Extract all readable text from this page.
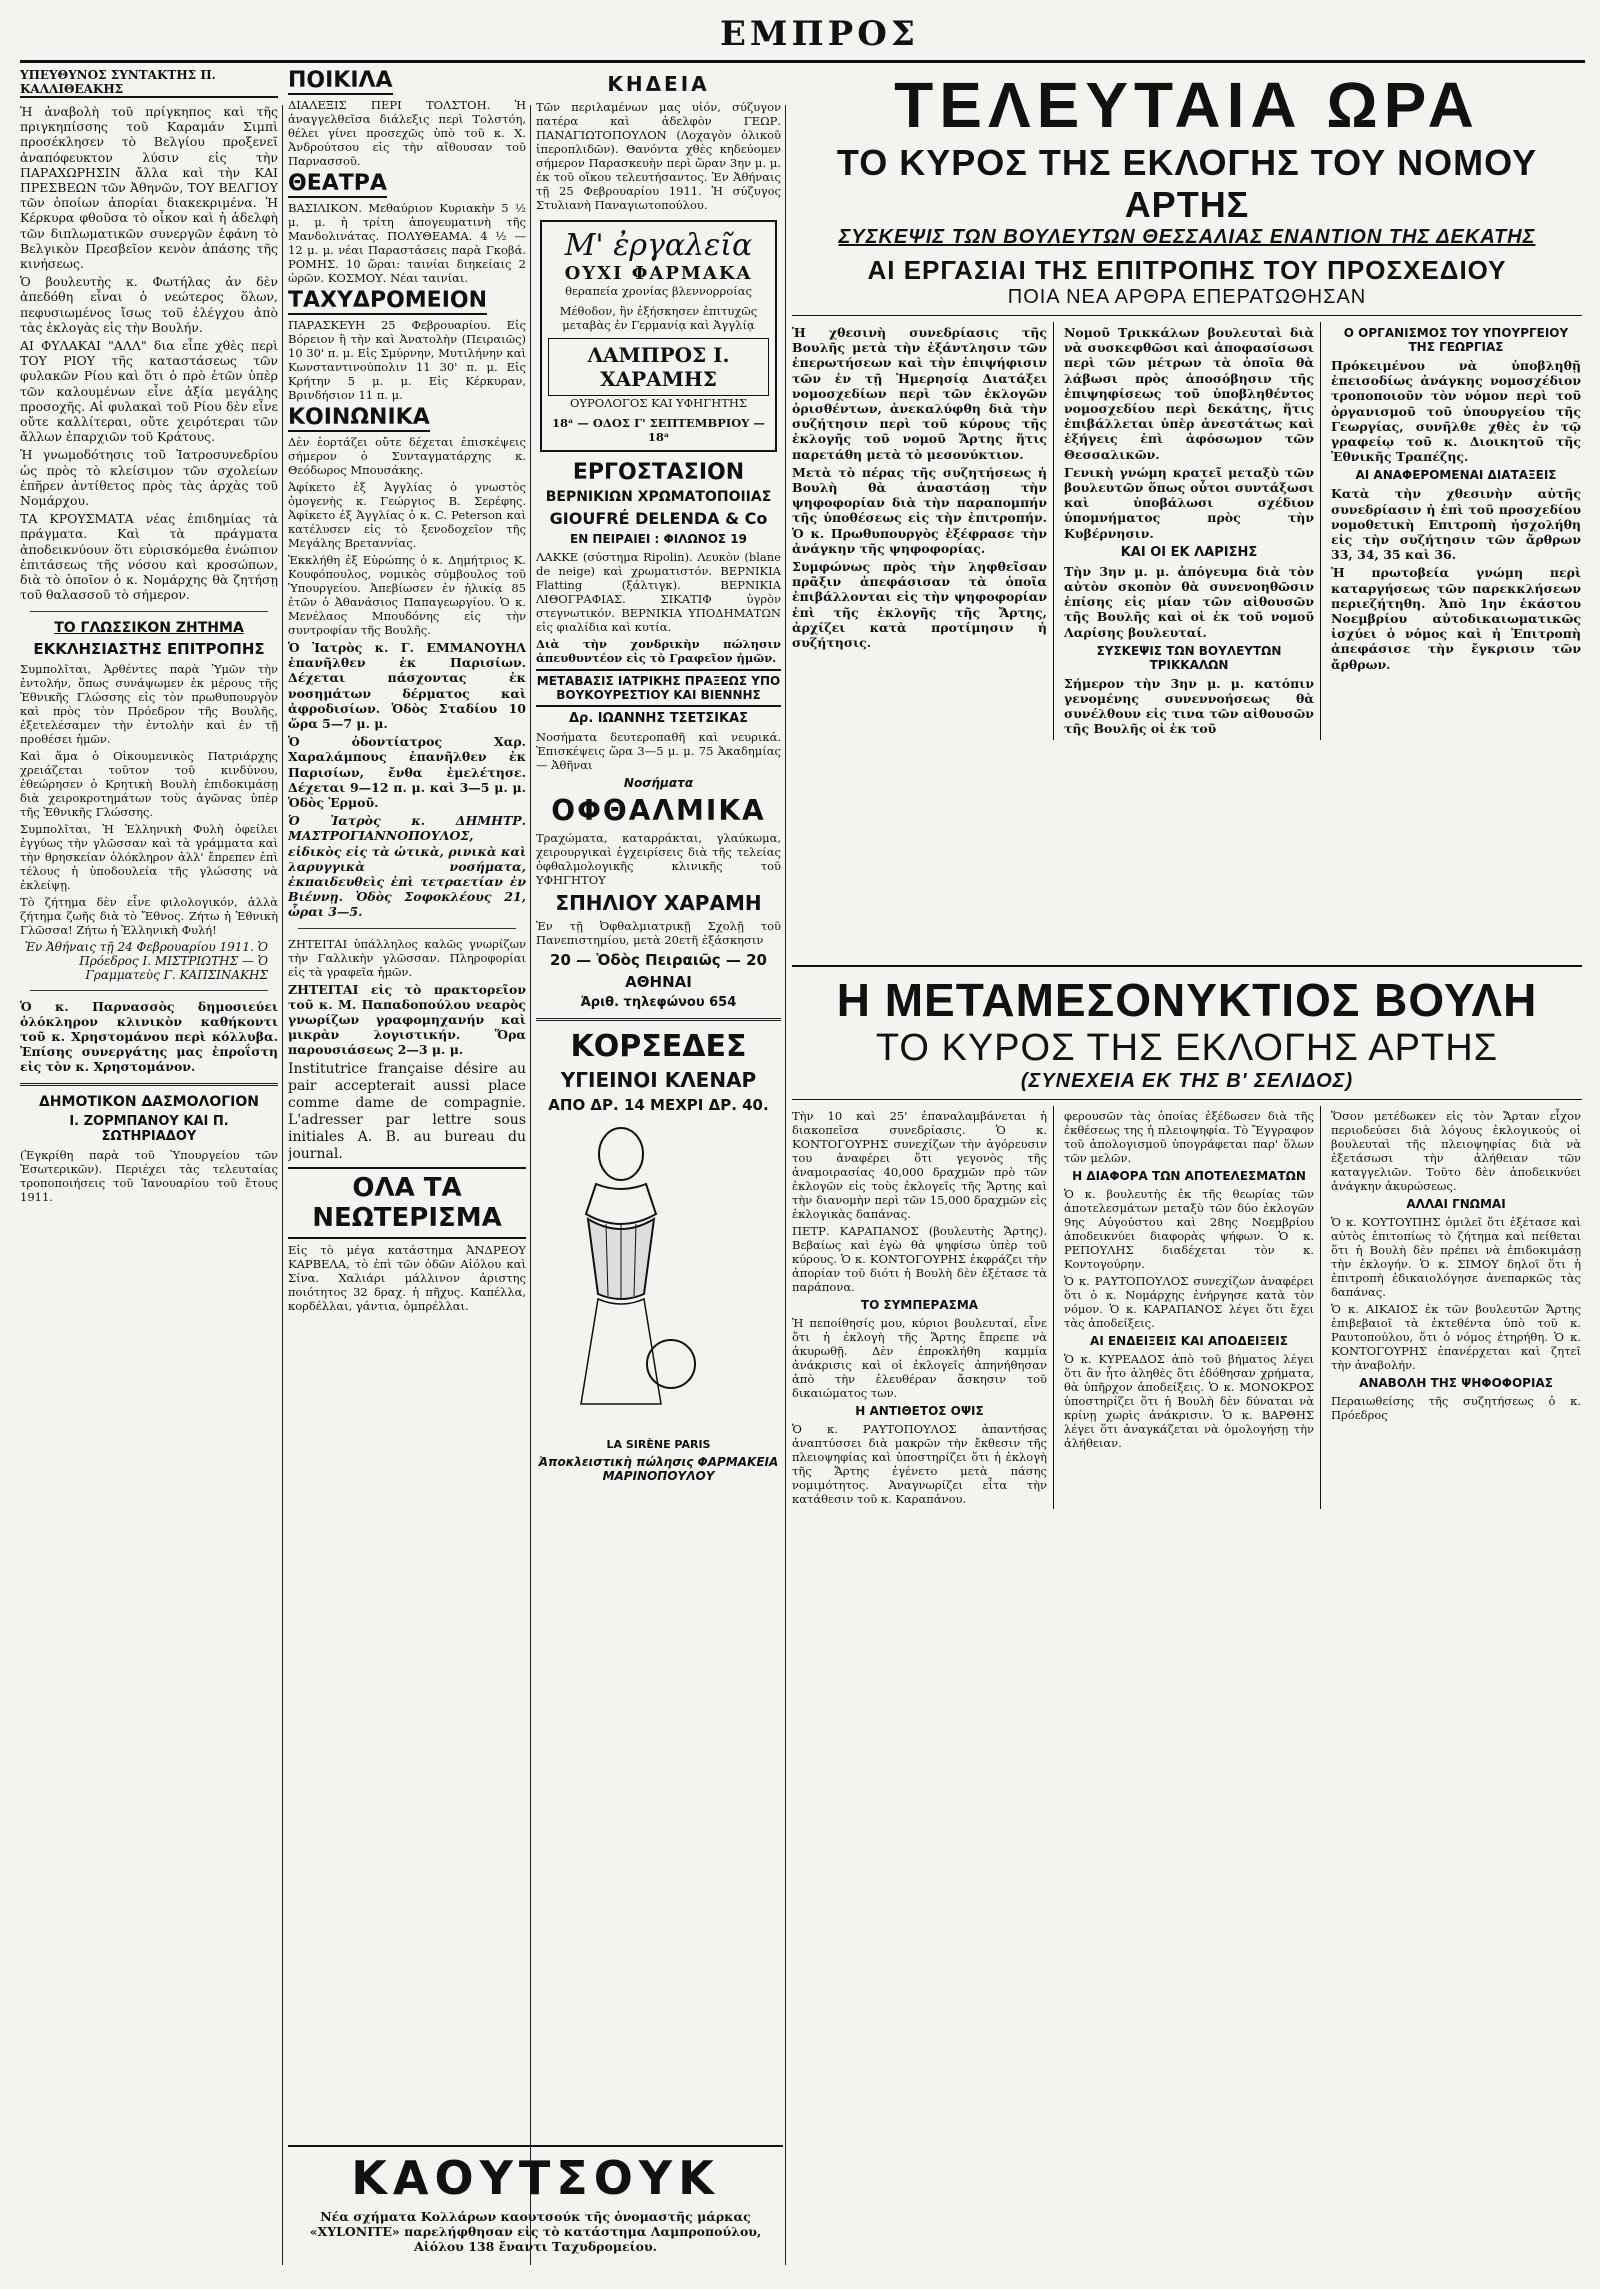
ΕΜΠΡΟΣ
ΥΠΕΥΘΥΝΟΣ ΣΥΝΤΑΚΤΗΣ Π. ΚΑΛΛΙΘΕΑΚΗΣ

Ἡ ἀναβολὴ τοῦ πρίγκηπος καὶ τῆς πριγκηπίσσης τοῦ Καραμάν Σιμπὶ προσέκλησεν τὸ Βελγίου προξενεῖ ἀναπόφευκτον λύσιν εἰς τὴν ΠΑΡΑΧΩΡΗΣΙΝ ἄλλα καὶ τὴν ΚΑΙ ΠΡΕΣΒΕΩΝ τῶν Ἀθηνῶν, ΤΟΥ ΒΕΛΓΙΟΥ τῶν ὁποίων ἀπορίαι διακεκριμένα. Ἡ Κέρκυρα φθοῦσα τὸ οἶκον καὶ ἡ ἀδελφὴ τῶν διπλωματικῶν συνεργῶν ἐφάνη τὸ Βελγικὸν Πρεσβεῖον κενὸν ἀπάσης τῆς κινήσεως.

Ὁ βουλευτὴς κ. Φωτήλας ἀν δὲν ἀπεδόθη εἶναι ὁ νεώτερος ὅλων, πεφυσιωμένος ἴσως τοῦ ἐλέγχου ἀπὸ τὰς ἐκλογὰς εἰς τὴν Βουλήν.

ΑΙ ΦΥΛΑΚΑΙ "ΑΛΛ" δια εἶπε χθὲς περὶ ΤΟΥ ΡΙΟΥ τῆς καταστάσεως τῶν φυλακῶν Ρίου καὶ ὅτι ὁ πρὸ ἐτῶν ὑπὲρ τῶν καλουμένων εἶνε ἀξία μεγάλης προσοχῆς. Αἱ φυλακαὶ τοῦ Ρίου δὲν εἶνε οὔτε καλλίτεραι, οὔτε χειρότεραι τῶν ἄλλων ἐπαρχιῶν τοῦ Κράτους.

Ἡ γνωμοδότησις τοῦ Ἰατροσυνεδρίου ὡς πρὸς τὸ κλείσιμον τῶν σχολείων ἐπῆρεν ἀντίθετος πρὸς τὰς ἀρχὰς τοῦ Νομάρχου.

ΤΑ ΚΡΟΥΣΜΑΤΑ νέας ἐπιδημίας τὰ πράγματα. Καὶ τὰ πράγματα ἀποδεικνύουν ὅτι εὐρισκόμεθα ἐνώπιον ἐπιτάσεως τῆς νόσου καὶ κροσώπων, διὰ τὸ ὁποῖον ὁ κ. Νομάρχης θὰ ζητήσῃ τοῦ θαλασσοῦ τὸ σήμερον.

ΤΟ ΓΛΩΣΣΙΚΟΝ ΖΗΤΗΜΑ
ΕΚΚΛΗΣΙΑΣΤΗΣ ΕΠΙΤΡΟΠΗΣ

Συμπολῖται, Ἀρθέντες παρὰ Ὑμῶν τὴν ἐντολήν, ὅπως συνάψωμεν ἐκ μέρους τῆς Ἐθνικῆς Γλώσσης εἰς τὸν πρωθυπουργὸν καὶ πρὸς τὸν Πρόεδρον τῆς Βουλῆς, ἐξετελέσαμεν τὴν ἐντολὴν καὶ ἐν τῇ προθέσει ἡμῶν.

Καὶ ἅμα ὁ Οἰκουμενικὸς Πατριάρχης χρειάζεται τοῦτον τοῦ κινδύνου, ἐθεώρησεν ὁ Κρητικὴ Βουλὴ ἐπιδοκιμάσῃ διὰ χειροκροτημάτων τοὺς ἀγῶνας ὑπὲρ τῆς Ἐθνικῆς Γλώσσης.

Συμπολῖται, Ἡ Ἑλληνικὴ Φυλὴ ὀφείλει ἐγγύως τὴν γλῶσσαν καὶ τὰ γράμματα καὶ τὴν θρησκείαν ὁλόκληρον ἀλλ' ἔπρεπεν ἐπὶ τέλους ἡ ὑποδουλεία τῆς γλώσσης νὰ ἐκλείψῃ.

Τὸ ζήτημα δὲν εἶνε φιλολογικόν, ἀλλὰ ζήτημα ζωῆς διὰ τὸ Ἔθνος. Ζήτω ἡ Ἐθνικὴ Γλῶσσα! Ζήτω ἡ Ἑλληνικὴ Φυλή!

Ἐν Ἀθήναις τῇ 24 Φεβρουαρίου 1911. Ὁ Πρόεδρος Ι. ΜΙΣΤΡΙΩΤΗΣ — Ὁ Γραμματεὺς Γ. ΚΑΠΣΙΝΑΚΗΣ

Ὁ κ. Παρνασσὸς δημοσιεύει ὁλόκληρον κλινικὸν καθήκοντι τοῦ κ. Χρηστομάνου περὶ κόλλυβα. Ἐπίσης συνεργάτης μας ἐπροΐστη εἰς τὸν κ. Χρηστομάνον.

ΔΗΜΟΤΙΚΟΝ ΔΑΣΜΟΛΟΓΙΟΝ
Ι. ΖΟΡΜΠΑΝΟΥ ΚΑΙ Π. ΣΩΤΗΡΙΑΔΟΥ

(Ἐγκρίθη παρὰ τοῦ Ὑπουργείου τῶν Ἐσωτερικῶν). Περιέχει τὰς τελευταίας τροποποιήσεις τοῦ Ἰανουαρίου τοῦ ἔτους 1911.

ΠΟΙΚΙΛΑ

ΔΙΑΛΕΞΙΣ ΠΕΡΙ ΤΟΛΣΤΟΗ. Ἡ ἀναγγελθεῖσα διάλεξις περὶ Τολστόη, θέλει γίνει προσεχῶς ὑπὸ τοῦ κ. Χ. Ἀνδρούτσου εἰς τὴν αἴθουσαν τοῦ Παρνασσοῦ.

ΘΕΑΤΡΑ

ΒΑΣΙΛΙΚΟΝ. Μεθαύριον Κυριακὴν 5 ½ μ. μ. ἡ τρίτη ἀπογευματινὴ τῆς Μανδολινάτας. ΠΟΛΥΘΕΑΜΑ. 4 ½ — 12 μ. μ. νέαι Παραστάσεις παρὰ Γκοβά. ΡΟΜΗΣ. 10 ὥραι: ταινίαι διηκείαις 2 ὠρῶν. ΚΟΣΜΟΥ. Νέαι ταινίαι.

ΤΑΧΥΔΡΟΜΕΙΟΝ

ΠΑΡΑΣΚΕΥΗ 25 Φεβρουαρίου. Εἰς Βόρειον ἢ τὴν καὶ Ἀνατολὴν (Πειραιῶς) 10 30' π. μ. Εἰς Σμύρνην, Μυτιλήνην καὶ Κωνσταντινούπολιν 11 30' π. μ. Εἰς Κρήτην 5 μ. μ. Εἰς Κέρκυραν, Βρινδήσιον 11 π. μ.

ΚΟΙΝΩΝΙΚΑ

Δὲν ἑορτάζει οὔτε δέχεται ἐπισκέψεις σήμερον ὁ Συνταγματάρχης κ. Θεόδωρος Μπουσάκης.

Ἀφίκετο ἐξ Ἀγγλίας ὁ γνωστὸς ὁμογενὴς κ. Γεώργιος Β. Σερέφης. Ἀφίκετο ἐξ Ἀγγλίας ὁ κ. C. Peterson καὶ κατέλυσεν εἰς τὸ ξενοδοχεῖον τῆς Μεγάλης Βρεταννίας.

Ἐκκλήθη ἐξ Εὐρώπης ὁ κ. Δημήτριος Κ. Κουφόπουλος, νομικὸς σύμβουλος τοῦ Ὑπουργείου. Ἀπεβίωσεν ἐν ἡλικίᾳ 85 ἐτῶν ὁ Ἀθανάσιος Παπαγεωργίου. Ὁ κ. Μενέλαος Μπουδόνης εἰς τὴν συντροφίαν τῆς Βουλῆς.

Ὁ Ἰατρὸς κ. Γ. ΕΜΜΑΝΟΥΗΛ ἐπανῆλθεν ἐκ Παρισίων. Δέχεται πάσχοντας ἐκ νοσημάτων δέρματος καὶ ἀφροδισίων. Ὁδὸς Σταδίου 10 ὥρα 5—7 μ. μ.

Ὁ ὀδοντίατρος Χαρ. Χαραλάμπους ἐπανῆλθεν ἐκ Παρισίων, ἔνθα ἐμελέτησε. Δέχεται 9—12 π. μ. καὶ 3—5 μ. μ. Ὁδὸς Ἑρμοῦ.

Ὁ Ἰατρὸς κ. ΔΗΜΗΤΡ. ΜΑΣΤΡΟΓΙΑΝΝΟΠΟΥΛΟΣ, εἰδικὸς εἰς τὰ ὠτικὰ, ρινικὰ καὶ λαρυγγικὰ νοσήματα, ἐκπαιδευθεὶς ἐπὶ τετραετίαν ἐν Βιέννῃ. Ὁδὸς Σοφοκλέους 21, ὧραι 3—5.

ΖΗΤΕΙΤΑΙ ὑπάλληλος καλῶς γνωρίζων τὴν Γαλλικὴν γλῶσσαν. Πληροφορίαι εἰς τὰ γραφεῖα ἡμῶν.

ΖΗΤΕΙΤΑΙ εἰς τὸ πρακτορεῖον τοῦ κ. Μ. Παπαδοπούλου νεαρὸς γνωρίζων γραφομηχανήν καὶ μικρὰν λογιστικήν. Ὅρα παρουσιάσεως 2—3 μ. μ.

Institutrice française désire au pair accepterait aussi place comme dame de compagnie. L'adresser par lettre sous initiales A. B. au bureau du journal.

ΟΛΑ ΤΑ ΝΕΩΤΕΡΙΣΜΑ

Εἰς τὸ μέγα κατάστημα ἈΝΔΡΕΟΥ ΚΑΡΒΕΛΑ, τὸ ἐπὶ τῶν ὁδῶν Αἰόλου καὶ Σίνα. Χαλιάρι μάλλινον ἀριστης ποιότητος 32 δραχ. ἡ πῆχυς. Καπέλλα, κορδέλλαι, γάντια, ὁμπρέλλαι.

ΚΗΔΕΙΑ

Τῶν περιλαμένων μας υἱόν, σύζυγον πατέρα καὶ ἀδελφὸν ΓΕΩΡ. ΠΑΝΑΓΙΩΤΟΠΟΥΛΟΝ (Λοχαγὸν ὁλικοῦ ἰπεροπλιδῶν). Θανόντα χθὲς κηδεύομεν σήμερον Παρασκευὴν περὶ ὥραν 3ην μ. μ. ἐκ τοῦ οἴκου τελευτήσαντος. Ἐν Ἀθήναις τῇ 25 Φεβρουαρίου 1911. Ἡ σύζυγος Στυλιανὴ Παναγιωτοπούλου.

Μ' ἐργαλεῖα
ΟΥΧΙ ΦΑΡΜΑΚΑ
θεραπεία χρονίας βλεννορροίας
Μέθοδον, ἣν ἐξήσκησεν ἐπιτυχῶς μεταβὰς ἐν Γερμανίᾳ καὶ Ἀγγλίᾳ
ΛΑΜΠΡΟΣ Ι. ΧΑΡΑΜΗΣ
ΟΥΡΟΛΟΓΟΣ ΚΑΙ ΥΦΗΓΗΤΗΣ
18ᵃ — ΟΔΟΣ Γ' ΣΕΠΤΕΜΒΡΙΟΥ — 18ᵃ
ΕΡΓΟΣΤΑΣΙΟΝ
ΒΕΡΝΙΚΙΩΝ ΧΡΩΜΑΤΟΠΟΙΙΑΣ
GIOUFRÉ DELENDA & Co
ΕΝ ΠΕΙΡΑΙΕΙ : ΦΙΛΩΝΟΣ 19

ΛΑΚΚΕ (σύστημα Ripolin). Λευκὸν (blane de neige) καὶ χρωματιστόν. ΒΕΡΝΙΚΙΑ Flatting (ξάλτιγκ). ΒΕΡΝΙΚΙΑ ΛΙΘΟΓΡΑΦΙΑΣ. ΣΙΚΑΤΙΦ ὑγρὸν στεγνωτικόν. ΒΕΡΝΙΚΙΑ ΥΠΟΔΗΜΑΤΩΝ εἰς φιαλίδια καὶ κυτία.

Διὰ τὴν χονδρικὴν πώλησιν ἀπευθυντέον εἰς τὸ Γραφεῖον ἡμῶν.

ΜΕΤΑΒΑΣΙΣ ΙΑΤΡΙΚΗΣ ΠΡΑΞΕΩΣ ΥΠΟ ΒΟΥΚΟΥΡΕΣΤΙΟΥ ΚΑΙ ΒΙΕΝΝΗΣ
Δρ. ΙΩΑΝΝΗΣ ΤΣΕΤΣΙΚΑΣ

Νοσήματα δευτεροπαθῆ καὶ νευρικά. Ἐπισκέψεις ὥρα 3—5 μ. μ. 75 Ἀκαδημίας — Ἀθῆναι

Νοσήματα
ΟΦΘΑΛΜΙΚΑ

Τραχώματα, καταρράκται, γλαύκωμα, χειρουργικαὶ ἐγχειρίσεις διὰ τῆς τελείας ὀφθαλμολογικῆς κλινικῆς τοῦ ΥΦΗΓΗΤΟΥ

ΣΠΗΛΙΟΥ ΧΑΡΑΜΗ

Ἐν τῇ Ὀφθαλμιατρικῇ Σχολῇ τοῦ Πανεπιστημίου, μετὰ 20ετῆ ἐξάσκησιν

20 — Ὁδὸς Πειραιῶς — 20
ΑΘΗΝΑΙ
Ἀριθ. τηλεφώνου 654
ΚΟΡΣΕΔΕΣ
ΥΓΙΕΙΝΟΙ ΚΛΕΝΑΡ
ΑΠΟ ΔΡ. 14 ΜΕΧΡΙ ΔΡ. 40.
LA SIRÈNE PARIS
Ἀποκλειστικὴ πώλησις ΦΑΡΜΑΚΕΙΑ ΜΑΡΙΝΟΠΟΥΛΟΥ
ΚΑΟΥΤΣΟΥΚ

Νέα σχήματα Κολλάρων καουτσούκ τῆς ὀνομαστῆς μάρκας «XYLONITE» παρελήφθησαν εἰς τὸ κατάστημα Λαμπροπούλου, Αἰόλου 138 ἔναντι Ταχυδρομείου.

ΤΕΛΕΥΤΑΙΑ ΩΡΑ
ΤΟ ΚΥΡΟΣ ΤΗΣ ΕΚΛΟΓΗΣ ΤΟΥ ΝΟΜΟΥ ΑΡΤΗΣ
ΣΥΣΚΕΨΙΣ ΤΩΝ ΒΟΥΛΕΥΤΩΝ ΘΕΣΣΑΛΙΑΣ ΕΝΑΝΤΙΟΝ ΤΗΣ ΔΕΚΑΤΗΣ
ΑΙ ΕΡΓΑΣΙΑΙ ΤΗΣ ΕΠΙΤΡΟΠΗΣ ΤΟΥ ΠΡΟΣΧΕΔΙΟΥ
ΠΟΙΑ ΝΕΑ ΑΡΘΡΑ ΕΠΕΡΑΤΩΘΗΣΑΝ

Ἡ χθεσινὴ συνεδρίασις τῆς Βουλῆς μετὰ τὴν ἐξάντλησιν τῶν ἐπερωτήσεων καὶ τὴν ἐπιψήφισιν τῶν ἐν τῇ Ἡμερησίᾳ Διατάξει νομοσχεδίων περὶ τῶν ἐκλογῶν ὁρισθέντων, ἀνεκαλύφθη διὰ τὴν συζήτησιν περὶ τοῦ κύρους τῆς ἐκλογῆς τοῦ νομοῦ Ἄρτης ἥτις παρετάθη μετὰ τὸ μεσονύκτιον.

Μετὰ τὸ πέρας τῆς συζητήσεως ἡ Βουλὴ θὰ ἀναστάσῃ τὴν ψηφοφορίαν διὰ τὴν παραπομπήν τῆς ὑποθέσεως εἰς τὴν ἐπιτροπήν. Ὁ κ. Πρωθυπουργὸς ἐξέφρασε τὴν ἀνάγκην τῆς ψηφοφορίας.

Συμφώνως πρὸς τὴν ληφθεῖσαν πρᾶξιν ἀπεφάσισαν τὰ ὁποῖα ἐπιβάλλονται εἰς τὴν ψηφοφορίαν ἐπὶ τῆς ἐκλογῆς τῆς Ἄρτης, ἀρχίζει κατὰ προτίμησιν ἡ συζήτησις.

Νομοῦ Τρικκάλων βουλευταὶ διὰ νὰ συσκεφθῶσι καὶ ἀποφασίσωσι περὶ τῶν μέτρων τὰ ὁποῖα θὰ λάβωσι πρὸς ἀποσόβησιν τῆς ἐπιψηφίσεως τοῦ ὑποβληθέντος νομοσχεδίου περὶ δεκάτης, ἥτις ἐπιβάλλεται ὑπὲρ ἀνεστάτως καὶ ἐξήγεις ἐπὶ ἀφόσωμον τῶν Θεσσαλικῶν.

Γενικὴ γνώμη κρατεῖ μεταξὺ τῶν βουλευτῶν ὅπως οὗτοι συντάξωσι καὶ ὑποβάλωσι σχέδιον ὑπομνήματος πρὸς τὴν Κυβέρνησιν.

ΚΑΙ ΟΙ ΕΚ ΛΑΡΙΣΗΣ

Τὴν 3ην μ. μ. ἀπόγευμα διὰ τὸν αὐτὸν σκοπὸν θὰ συνενοηθῶσιν ἐπίσης εἰς μίαν τῶν αἰθουσῶν τῆς Βουλῆς καὶ οἱ ἐκ τοῦ νομοῦ Λαρίσης βουλευταί.

ΣΥΣΚΕΨΙΣ ΤΩΝ ΒΟΥΛΕΥΤΩΝ ΤΡΙΚΚΑΛΩΝ

Σήμερον τὴν 3ην μ. μ. κατόπιν γενομένης συνεννοήσεως θὰ συνέλθουν εἰς τινα τῶν αἰθουσῶν τῆς Βουλῆς οἱ ἐκ τοῦ

Ο ΟΡΓΑΝΙΣΜΟΣ ΤΟΥ ΥΠΟΥΡΓΕΙΟΥ ΤΗΣ ΓΕΩΡΓΙΑΣ

Πρόκειμένου νὰ ὑποβληθῇ ἐπεισοδίως ἀνάγκης νομοσχέδιον τροποποιοῦν τὸν νόμον περὶ τοῦ ὀργανισμοῦ τοῦ ὑπουργείου τῆς Γεωργίας, συνῆλθε χθὲς ἐν τῷ γραφείῳ τοῦ κ. Διοικητοῦ τῆς Ἐθνικῆς Τραπέζης.

ΑΙ ΑΝΑΦΕΡΟΜΕΝΑΙ ΔΙΑΤΑΞΕΙΣ

Κατὰ τὴν χθεσινὴν αὐτῆς συνεδρίασιν ἡ ἐπὶ τοῦ προσχεδίου νομοθετικὴ Επιτροπὴ ἠσχολήθη εἰς τὴν συζήτησιν τῶν ἄρθρων 33, 34, 35 καὶ 36.

Ἡ πρωτοβεία γνώμη περὶ καταργήσεως τῶν παρεκκλήσεων περιεζήτηθη. Ἀπὸ 1ην ἑκάστου Νοεμβρίου αὐτοδικαιωματικῶς ἰσχύει ὁ νόμος καὶ ἡ Ἐπιτροπὴ ἀπεφάσισε τὴν ἔγκρισιν τῶν ἄρθρων.

Η ΜΕΤΑΜΕΣΟΝΥΚΤΙΟΣ ΒΟΥΛΗ
ΤΟ ΚΥΡΟΣ ΤΗΣ ΕΚΛΟΓΗΣ ΑΡΤΗΣ
(ΣΥΝΕΧΕΙΑ ΕΚ ΤΗΣ Β' ΣΕΛΙΔΟΣ)

Τὴν 10 καὶ 25' ἐπαναλαμβάνεται ἡ διακοπεῖσα συνεδρίασις. Ὁ κ. ΚΟΝΤΟΓΟΥΡΗΣ συνεχίζων τὴν ἀγόρευσιν του ἀναφέρει ὅτι γεγονὸς τῆς ἀναμοιρασίας 40,000 δραχμῶν πρὸ τῶν ἐκλογῶν εἰς τοὺς ἐκλογεῖς τῆς Ἄρτης καὶ τὴν διανομὴν περὶ τῶν 15,000 δραχμῶν εἰς ἐκλογικὰς δαπάνας.

ΠΕΤΡ. ΚΑΡΑΠΑΝΟΣ (βουλευτὴς Ἄρτης). Βεβαίως καὶ ἐγὼ θὰ ψηφίσω ὑπὲρ τοῦ κύρους. Ὁ κ. ΚΟΝΤΟΓΟΥΡΗΣ ἐκφράζει τὴν ἀπορίαν τοῦ διότι ἡ Βουλὴ δὲν ἐξέτασε τὰ παράπονα.

ΤΟ ΣΥΜΠΕΡΑΣΜΑ

Ἡ πεποίθησίς μου, κύριοι βουλευταί, εἶνε ὅτι ἡ ἐκλογὴ τῆς Ἄρτης ἔπρεπε νὰ ἀκυρωθῇ. Δὲν ἐπροκλήθη καμμία ἀνάκρισις καὶ οἱ ἐκλογεῖς ἀπηνήθησαν ἀπὸ τὴν ἐλευθέραν ἄσκησιν τοῦ δικαιώματος των.

Η ΑΝΤΙΘΕΤΟΣ ΟΨΙΣ

Ὁ κ. ΡΑΥΤΟΠΟΥΛΟΣ ἀπαντήσας ἀναπτύσσει διὰ μακρῶν τὴν ἔκθεσιν τῆς πλειοψηφίας καὶ ὑποστηρίζει ὅτι ἡ ἐκλογὴ τῆς Ἄρτης ἐγένετο μετὰ πάσης νομιμότητος. Ἀναγνωρίζει εἶτα τὴν κατάθεσιν τοῦ κ. Καραπάνου.

φερουσῶν τὰς ὁποίας ἐξέδωσεν διὰ τῆς ἐκθέσεως της ἡ πλειοψηφία. Τὸ Ἔγγραφον τοῦ ἀπολογισμοῦ ὑπογράφεται παρ' ὅλων τῶν μελῶν.

Η ΔΙΑΦΟΡΑ ΤΩΝ ΑΠΟΤΕΛΕΣΜΑΤΩΝ

Ὁ κ. βουλευτὴς ἐκ τῆς θεωρίας τῶν ἀποτελεσμάτων μεταξὺ τῶν δύο ἐκλογῶν 9ης Αὐγούστου καὶ 28ης Νοεμβρίου ἀποδεικνύει διαφορὰς ψήφων. Ὁ κ. ΡΕΠΟΥΛΗΣ διαδέχεται τὸν κ. Κοντογούρην.

Ὁ κ. ΡΑΥΤΟΠΟΥΛΟΣ συνεχίζων ἀναφέρει ὅτι ὁ κ. Νομάρχης ἐνήργησε κατὰ τὸν νόμον. Ὁ κ. ΚΑΡΑΠΑΝΟΣ λέγει ὅτι ἔχει τὰς ἀποδείξεις.

ΑΙ ΕΝΔΕΙΞΕΙΣ ΚΑΙ ΑΠΟΔΕΙΞΕΙΣ

Ὁ κ. ΚΥΡΕΑΔΟΣ ἀπὸ τοῦ βήματος λέγει ὅτι ἂν ἦτο ἀληθὲς ὅτι ἐδόθησαν χρήματα, θὰ ὑπῆρχον ἀποδείξεις. Ὁ κ. ΜΟΝΟΚΡΟΣ ὑποστηρίζει ὅτι ἡ Βουλὴ δὲν δύναται νὰ κρίνῃ χωρὶς ἀνάκρισιν. Ὁ κ. ΒΑΡΘΗΣ λέγει ὅτι ἀναγκάζεται νὰ ὁμολογήσῃ τὴν ἀλήθειαν.

Ὅσον μετέδωκεν εἰς τὸν Ἄρταν εἶχον περιοδεύσει διὰ λόγους ἐκλογικούς οἱ βουλευταὶ τῆς πλειοψηφίας διὰ νὰ ἐξετάσωσι τὴν ἀλήθειαν τῶν καταγγελιῶν. Τοῦτο δὲν ἀποδεικνύει ἀνάγκην ἀκυρώσεως.

ΑΛΛΑΙ ΓΝΩΜΑΙ

Ὁ κ. ΚΟΥΤΟΥΠΗΣ ὁμιλεῖ ὅτι ἐξέτασε καὶ αὐτὸς ἐπιτοπίως τὸ ζήτημα καὶ πείθεται ὅτι ἡ Βουλὴ δὲν πρέπει νὰ ἐπιδοκιμάσῃ τὴν ἐκλογήν. Ὁ κ. ΣΙΜΟΥ δηλοῖ ὅτι ἡ ἐπιτροπὴ ἐδικαιολόγησε ἀνεπαρκῶς τὰς δαπάνας.

Ὁ κ. ΑΙΚΑΙΟΣ ἐκ τῶν βουλευτῶν Ἄρτης ἐπιβεβαιοῖ τὰ ἐκτεθέντα ὑπὸ τοῦ κ. Ραυτοπούλου, ὅτι ὁ νόμος ἐτηρήθη. Ὁ κ. ΚΟΝΤΟΓΟΥΡΗΣ ἐπανέρχεται καὶ ζητεῖ τὴν ἀναβολήν.

ΑΝΑΒΟΛΗ ΤΗΣ ΨΗΦΟΦΟΡΙΑΣ

Περαιωθείσης τῆς συζητήσεως ὁ κ. Πρόεδρος
